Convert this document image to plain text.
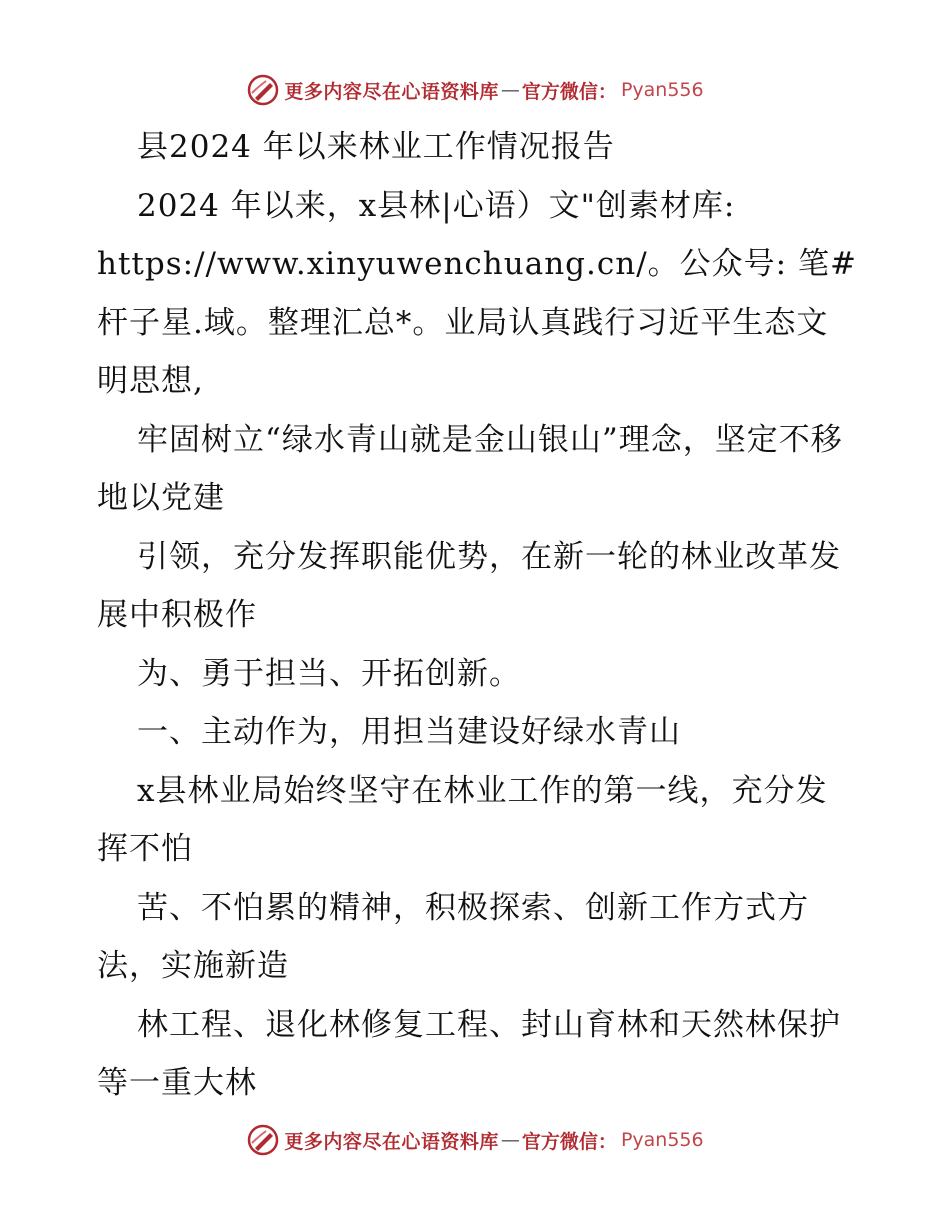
更多内容尽在心语资料库 — 官方微信： Pyan556

县2024 年以来林业工作情况报告

2024 年以来，x县林|心语）文"创素材库: https://www.xinyuwenchuang.cn/。公众号: 笔#杆子星.域。整理汇总*。业局认真践行习近平生态文明思想,

牢固树立“绿水青山就是金山银山”理念，坚定不移地以党建

引领，充分发挥职能优势，在新一轮的林业改革发展中积极作

为、勇于担当、开拓创新。

一、主动作为，用担当建设好绿水青山

x县林业局始终坚守在林业工作的第一线，充分发挥不怕

苦、不怕累的精神，积极探索、创新工作方式方法，实施新造

林工程、退化林修复工程、封山育林和天然林保护等一重大林

更多内容尽在心语资料库 — 官方微信： Pyan556
